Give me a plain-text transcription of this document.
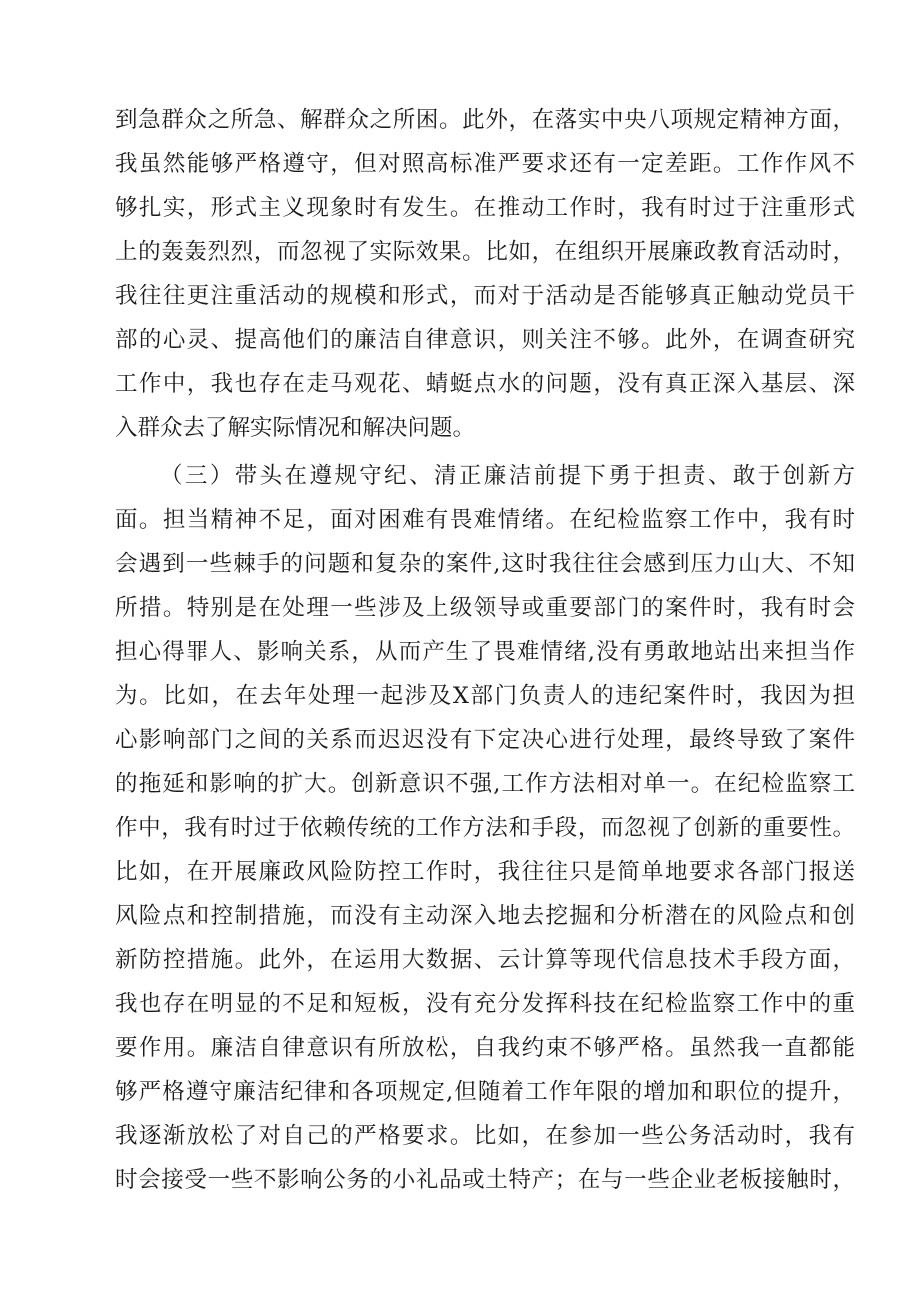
到急群众之所急、解群众之所困。此外，在落实中央八项规定精神方面，
我虽然能够严格遵守，但对照高标准严要求还有一定差距。工作作风不
够扎实，形式主义现象时有发生。在推动工作时，我有时过于注重形式
上的轰轰烈烈，而忽视了实际效果。比如，在组织开展廉政教育活动时，
我往往更注重活动的规模和形式，而对于活动是否能够真正触动党员干
部的心灵、提高他们的廉洁自律意识，则关注不够。此外，在调查研究
工作中，我也存在走马观花、蜻蜓点水的问题，没有真正深入基层、深
入群众去了解实际情况和解决问题。
（三）带头在遵规守纪、清正廉洁前提下勇于担责、敢于创新方
面。担当精神不足，面对困难有畏难情绪。在纪检监察工作中，我有时
会遇到一些棘手的问题和复杂的案件,这时我往往会感到压力山大、不知
所措。特别是在处理一些涉及上级领导或重要部门的案件时，我有时会
担心得罪人、影响关系，从而产生了畏难情绪,没有勇敢地站出来担当作
为。比如，在去年处理一起涉及X部门负责人的违纪案件时，我因为担
心影响部门之间的关系而迟迟没有下定决心进行处理，最终导致了案件
的拖延和影响的扩大。创新意识不强,工作方法相对单一。在纪检监察工
作中，我有时过于依赖传统的工作方法和手段，而忽视了创新的重要性。
比如，在开展廉政风险防控工作时，我往往只是简单地要求各部门报送
风险点和控制措施，而没有主动深入地去挖掘和分析潜在的风险点和创
新防控措施。此外，在运用大数据、云计算等现代信息技术手段方面，
我也存在明显的不足和短板，没有充分发挥科技在纪检监察工作中的重
要作用。廉洁自律意识有所放松，自我约束不够严格。虽然我一直都能
够严格遵守廉洁纪律和各项规定,但随着工作年限的增加和职位的提升，
我逐渐放松了对自己的严格要求。比如，在参加一些公务活动时，我有
时会接受一些不影响公务的小礼品或土特产；在与一些企业老板接触时，
